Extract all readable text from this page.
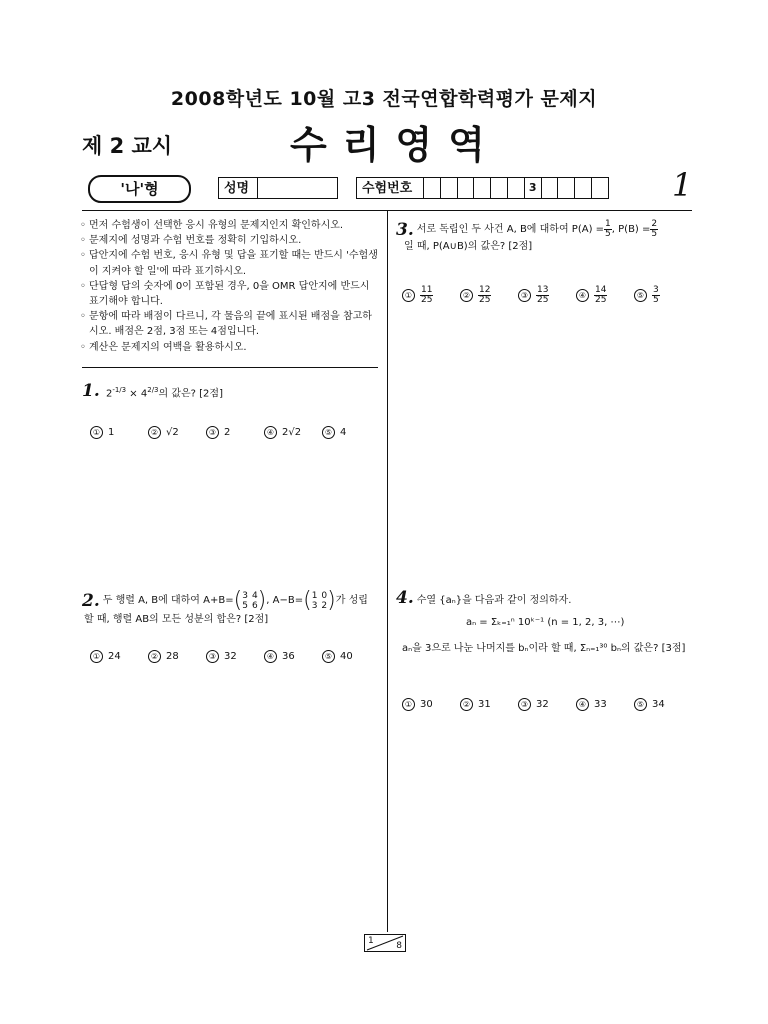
2008학년도 10월 고3 전국연합학력평가 문제지
제 2 교시	수리영역
'나'형	성명	수험번호	3	1
◦ 먼저 수험생이 선택한 응시 유형의 문제지인지 확인하시오.
◦ 문제지에 성명과 수험 번호를 정확히 기입하시오.
◦ 답안지에 수험 번호, 응시 유형 및 답을 표기할 때는 반드시 '수험생이 지켜야 할 일'에 따라 표기하시오.
◦ 단답형 답의 숫자에 0이 포함된 경우, 0을 OMR 답안지에 반드시 표기해야 합니다.
◦ 문항에 따라 배점이 다르니, 각 물음의 끝에 표시된 배점을 참고하시오. 배점은 2점, 3점 또는 4점입니다.
◦ 계산은 문제지의 여백을 활용하시오.
1. $2^{-1/3} \times 4^{2/3}$의 값은? [2점]
① 1	② √2	③ 2	④ 2√2	⑤ 4
2. 두 행렬 A, B에 대하여 A+B= ( 3 4
5 6 ) , A−B= ( 1 0
3 2 ) 가 성립
할 때, 행렬 AB의 모든 성분의 합은? [2점]
① 24	② 28	③ 32	④ 36	⑤ 40
3. 서로 독립인 두 사건 A, B에 대하여 $P(A) = \frac{1}{5}$ , $P(B) = \frac{2}{5}$
일 때, P(A∪B)의 값은? [2점]
① $\frac{11}{25}$	② $\frac{12}{25}$	③ $\frac{13}{25}$	④ $\frac{14}{25}$	⑤ $\frac{3}{5}$
4. 수열 {aₙ}을 다음과 같이 정의하자.
aₙ = Σₖ₌₁ⁿ 10ᵏ⁻¹ (n = 1, 2, 3, ⋯)
aₙ을 3으로 나눈 나머지를 bₙ이라 할 때, Σₙ₌₁³⁰ bₙ의 값은? [3점]
① 30	② 31	③ 32	④ 33	⑤ 34
1	8
